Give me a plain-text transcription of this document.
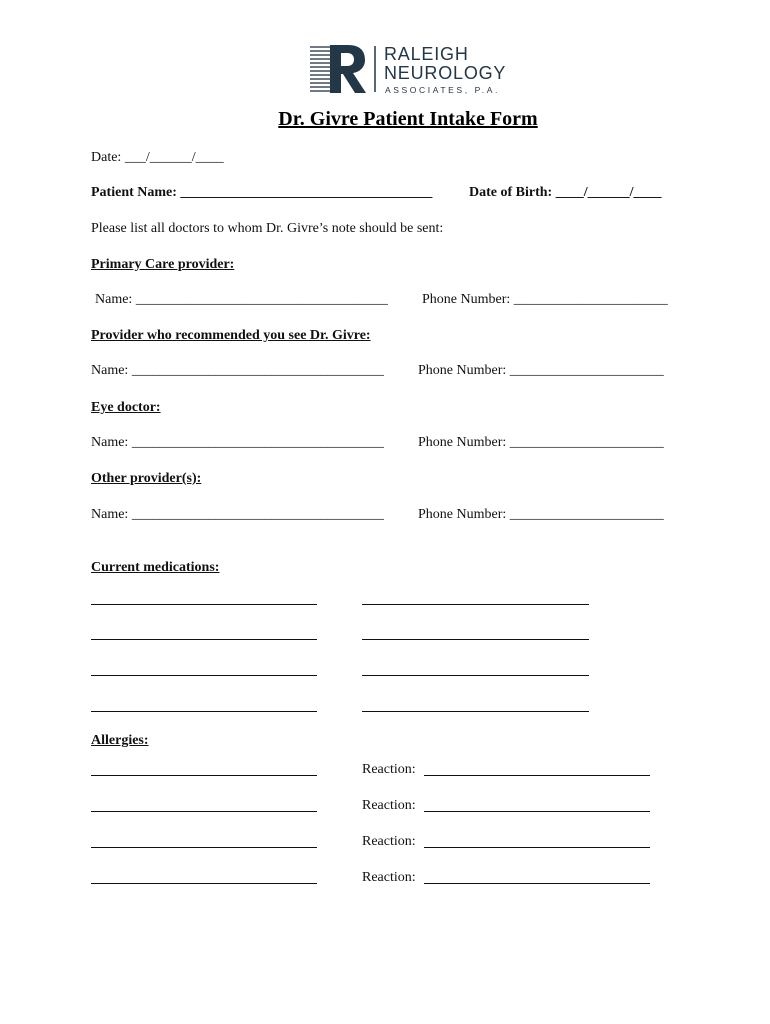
RALEIGH
NEUROLOGY
ASSOCIATES, P.A.
Dr. Givre Patient Intake Form
Date: ___/______/____
Patient Name: ____________________________________	Date of Birth: ____/______/____
Please list all doctors to whom Dr. Givre’s note should be sent:
Primary Care provider:
Name: ____________________________________ Phone Number: ______________________
Provider who recommended you see Dr. Givre:
Name: ____________________________________ Phone Number: ______________________
Eye doctor:
Name: ____________________________________ Phone Number: ______________________
Other provider(s):
Name: ____________________________________ Phone Number: ______________________
Current medications:
Allergies:
Reaction:
Reaction:
Reaction:
Reaction:
